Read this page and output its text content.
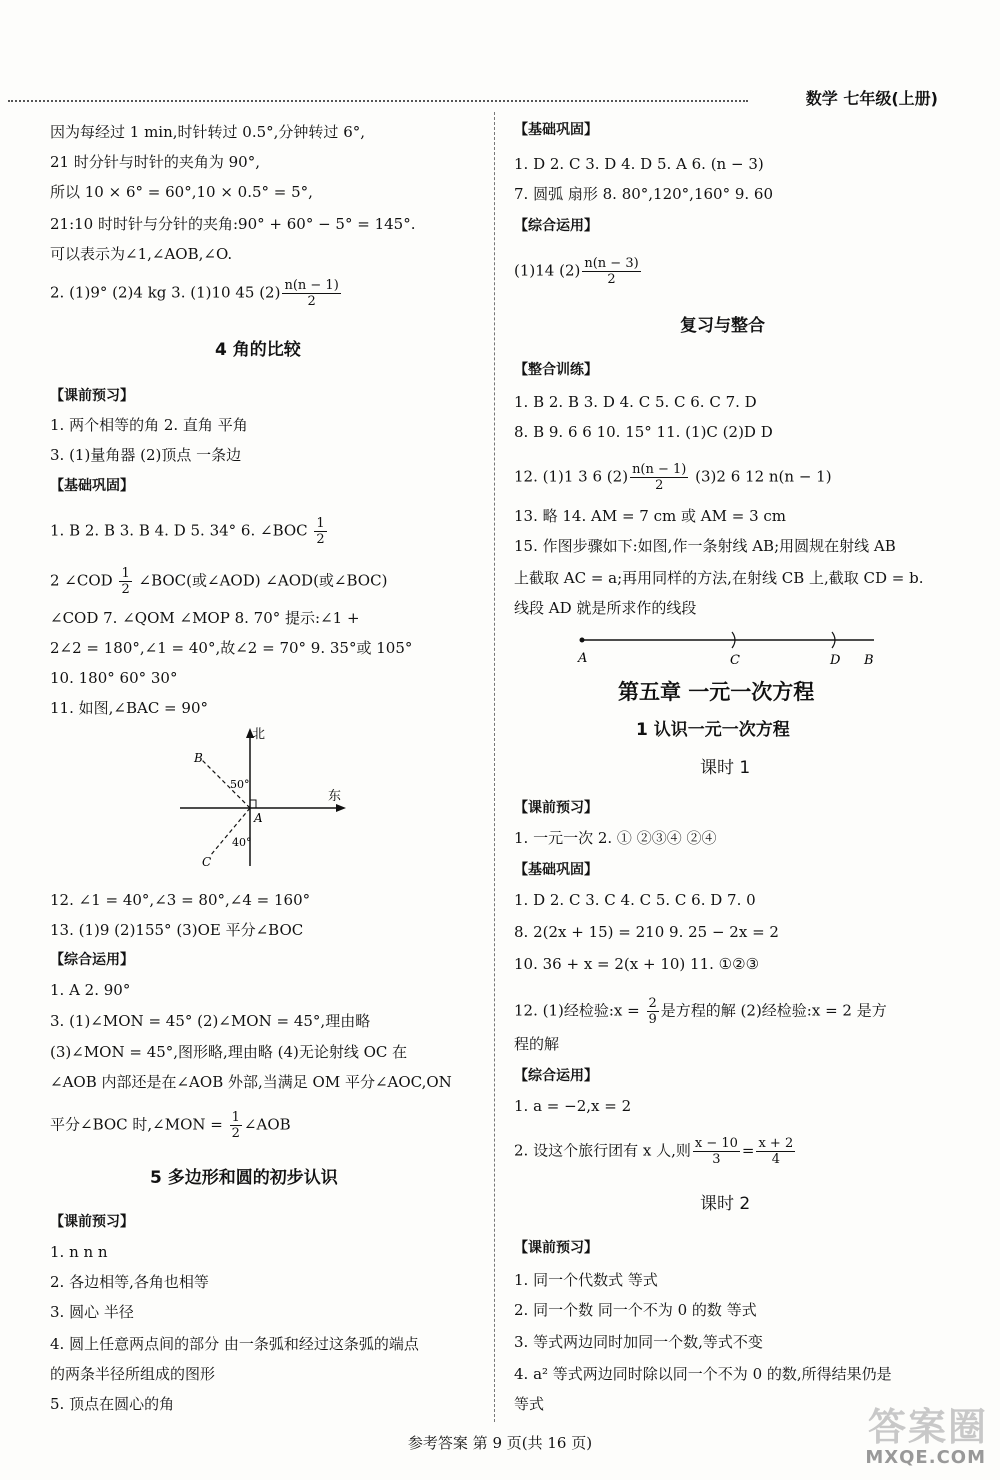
数学 七年级(上册)
因为每经过 1 min,时针转过 0.5°,分钟转过 6°,
21 时分针与时针的夹角为 90°,
所以 10 × 6° = 60°,10 × 0.5° = 5°,
21:10 时时针与分针的夹角:90° + 60° − 5° = 145°.
可以表示为∠1,∠AOB,∠O.
2. (1)9° (2)4 kg 3. (1)10 45 $(2) \frac{n(n - 1)}{2}$
4 角的比较
【课前预习】
1. 两个相等的角 2. 直角 平角
3. (1)量角器 (2)顶点 一条边
【基础巩固】
1. B 2. B 3. B 4. D 5. 34° 6. ∠BOC $\frac{1}{2}$
2 ∠COD $\frac{1}{2}$ ∠BOC(或∠AOD) ∠AOD(或∠BOC)
∠COD 7. ∠QOM ∠MOP 8. 70° 提示:∠1 +
2∠2 = 180°,∠1 = 40°,故∠2 = 70° 9. 35°或 105°
10. 180° 60° 30°
11. 如图,∠BAC = 90°
北
东
B
C
A
50°
40°
12. ∠1 = 40°,∠3 = 80°,∠4 = 160°
13. (1)9 (2)155° (3)OE 平分∠BOC
【综合运用】
1. A 2. 90°
3. (1)∠MON = 45° (2)∠MON = 45°,理由略
(3)∠MON = 45°,图形略,理由略 (4)无论射线 OC 在
∠AOB 内部还是在∠AOB 外部,当满足 OM 平分∠AOC,ON
平分∠BOC 时,∠MON = $\frac{1}{2}$ ∠AOB
5 多边形和圆的初步认识
【课前预习】
1. n n n
2. 各边相等,各角也相等
3. 圆心 半径
4. 圆上任意两点间的部分 由一条弧和经过这条弧的端点
的两条半径所组成的图形
5. 顶点在圆心的角
【基础巩固】
1. D 2. C 3. D 4. D 5. A 6. (n − 3)
7. 圆弧 扇形 8. 80°,120°,160° 9. 60
【综合运用】
(1)14 $(2) \frac{n(n - 3)}{2}$
复习与整合
【整合训练】
1. B 2. B 3. D 4. C 5. C 6. C 7. D
8. B 9. 6 6 10. 15° 11. (1)C (2)D D
12. (1)1 3 6 $(2) \frac{n(n - 1)}{2} (3)2$ 6 12 n(n − 1)
13. 略 14. AM = 7 cm 或 AM = 3 cm
15. 作图步骤如下:如图,作一条射线 AB;用圆规在射线 AB
上截取 AC = a;再用同样的方法,在射线 CB 上,截取 CD = b.
线段 AD 就是所求作的线段
A	C	D B
第五章 一元一次方程
1 认识一元一次方程
课时 1
【课前预习】
1. 一元一次 2. ① ②③④ ②④
【基础巩固】
1. D 2. C 3. C 4. C 5. C 6. D 7. 0
8. 2(2x + 15) = 210 9. 25 − 2x = 2
10. 36 + x = 2(x + 10) 11. ①②③
12. (1)经检验:x = $\frac{2}{9}$ 是方程的解 (2)经检验:x = 2 是方
程的解
【综合运用】
1. a = −2,x = 2
2. 设这个旅行团有 x 人,则 $\frac{x - 10}{3} = \frac{x + 2}{4}$
课时 2
【课前预习】
1. 同一个代数式 等式
2. 同一个数 同一个不为 0 的数 等式
3. 等式两边同时加同一个数,等式不变
4. a² 等式两边同时除以同一个不为 0 的数,所得结果仍是
等式
参考答案 第 9 页(共 16 页)	答案圈
MXQE.COM
